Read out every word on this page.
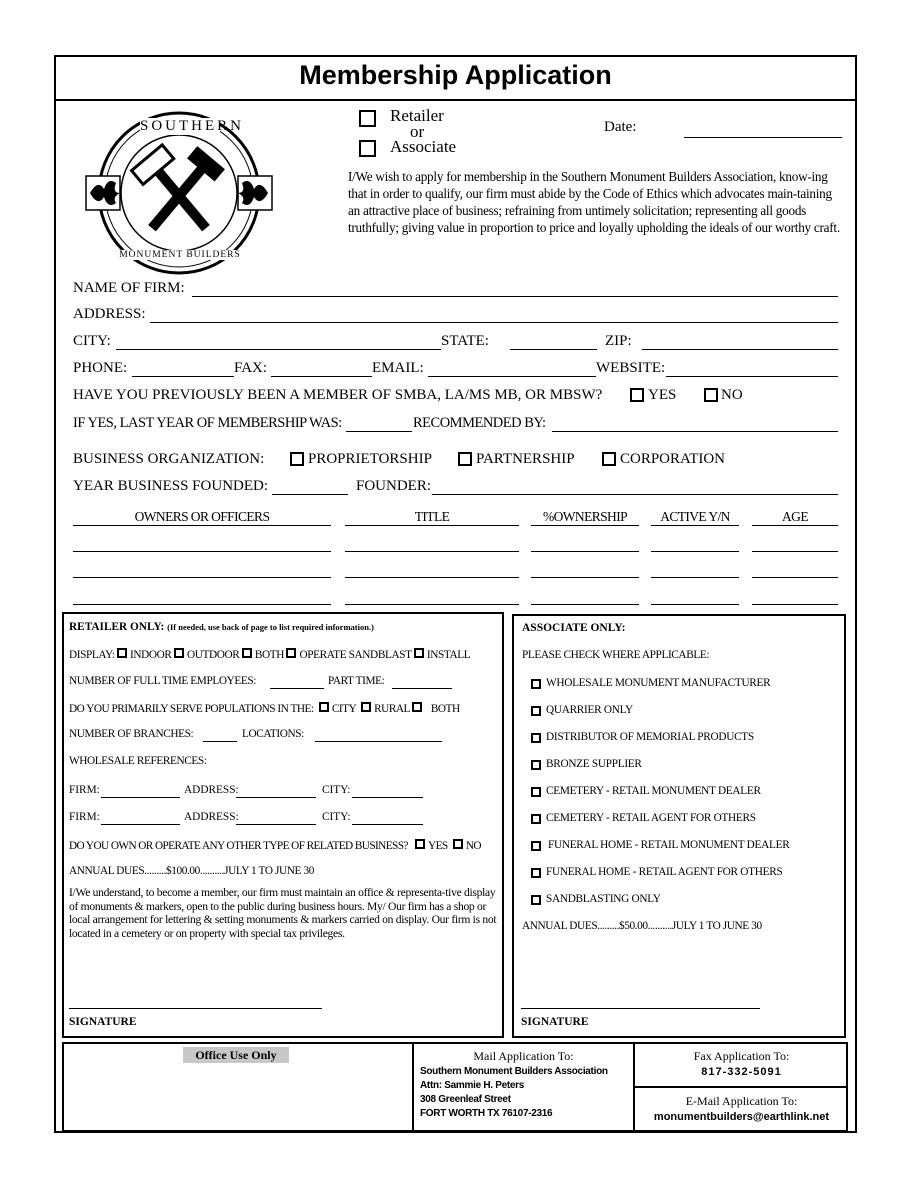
Membership Application
SOUTHERN
MONUMENT BUILDERS
Retailer
or
Associate
Date:
I/We wish to apply for membership in the Southern Monument Builders Association, know-ing that in order to qualify, our firm must abide by the Code of Ethics which advocates main-taining an attractive place of business; refraining from untimely solicitation; representing all goods truthfully; giving value in proportion to price and loyally upholding the ideals of our worthy craft.
NAME OF FIRM:
ADDRESS:
CITY:	STATE:	ZIP:
PHONE:	FAX:	EMAIL:	WEBSITE:
HAVE YOU PREVIOUSLY BEEN A MEMBER OF SMBA, LA/MS MB, OR MBSW?	YES	NO
IF YES, LAST YEAR OF MEMBERSHIP WAS:	RECOMMENDED BY:
BUSINESS ORGANIZATION:	PROPRIETORSHIP	PARTNERSHIP	CORPORATION
YEAR BUSINESS FOUNDED:	FOUNDER:
OWNERS OR OFFICERS	TITLE	%OWNERSHIP	ACTIVE Y/N	AGE
RETAILER ONLY: (If needed, use back of page to list required information.)
DISPLAY: INDOOR OUTDOOR BOTH OPERATE SANDBLAST INSTALL
NUMBER OF FULL TIME EMPLOYEES:	PART TIME:
DO YOU PRIMARILY SERVE POPULATIONS IN THE: CITY RURAL BOTH
NUMBER OF BRANCHES:	LOCATIONS:
WHOLESALE REFERENCES:
FIRM:	ADDRESS:	CITY:
FIRM:	ADDRESS:	CITY:
DO YOU OWN OR OPERATE ANY OTHER TYPE OF RELATED BUSINESS? YES NO
ANNUAL DUES.........$100.00..........JULY 1 TO JUNE 30
I/We understand, to become a member, our firm must maintain an office & representa-tive display of monuments & markers, open to the public during business hours. My/ Our firm has a shop or local arrangement for lettering & setting monuments & markers carried on display. Our firm is not located in a cemetery or on property with special tax privileges.
SIGNATURE
ASSOCIATE ONLY:
PLEASE CHECK WHERE APPLICABLE:
WHOLESALE MONUMENT MANUFACTURER
QUARRIER ONLY
DISTRIBUTOR OF MEMORIAL PRODUCTS
BRONZE SUPPLIER
CEMETERY - RETAIL MONUMENT DEALER
CEMETERY - RETAIL AGENT FOR OTHERS
FUNERAL HOME - RETAIL MONUMENT DEALER
FUNERAL HOME - RETAIL AGENT FOR OTHERS
SANDBLASTING ONLY
ANNUAL DUES.........$50.00..........JULY 1 TO JUNE 30
SIGNATURE
Office Use Only	Mail Application To:
Southern Monument Builders Association
Attn: Sammie H. Peters
308 Greenleaf Street
FORT WORTH TX 76107-2316
Fax Application To:
817-332-5091
E-Mail Application To:
monumentbuilders@earthlink.net
